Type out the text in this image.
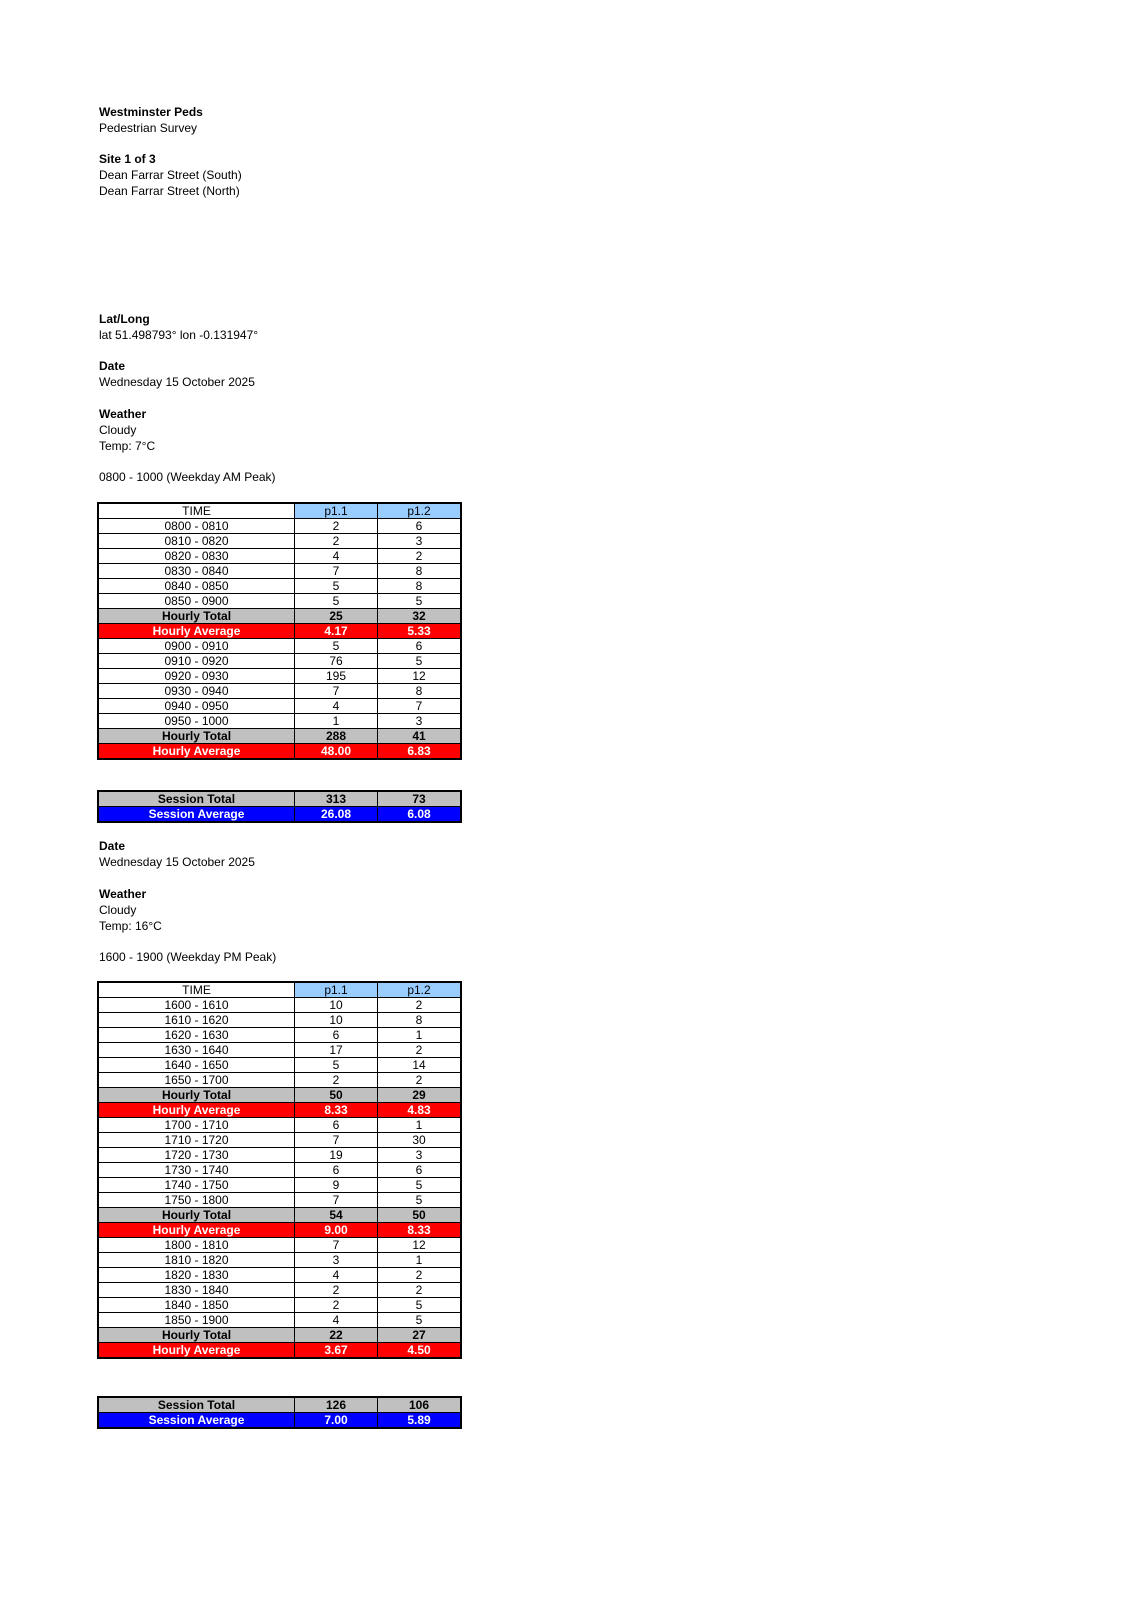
Westminster Peds
Pedestrian Survey
Site 1 of 3
Dean Farrar Street (South)
Dean Farrar Street (North)
Lat/Long
lat 51.498793° lon -0.131947°
Date
Wednesday 15 October 2025
Weather
Cloudy
Temp: 7°C
0800 - 1000 (Weekday AM Peak)
TIME	p1.1	p1.2
0800 - 0810	2	6
0810 - 0820	2	3
0820 - 0830	4	2
0830 - 0840	7	8
0840 - 0850	5	8
0850 - 0900	5	5
Hourly Total	25	32
Hourly Average	4.17	5.33
0900 - 0910	5	6
0910 - 0920	76	5
0920 - 0930	195	12
0930 - 0940	7	8
0940 - 0950	4	7
0950 - 1000	1	3
Hourly Total	288	41
Hourly Average	48.00	6.83
Session Total	313	73
Session Average	26.08	6.08
Date
Wednesday 15 October 2025
Weather
Cloudy
Temp: 16°C
1600 - 1900 (Weekday PM Peak)
TIME	p1.1	p1.2
1600 - 1610	10	2
1610 - 1620	10	8
1620 - 1630	6	1
1630 - 1640	17	2
1640 - 1650	5	14
1650 - 1700	2	2
Hourly Total	50	29
Hourly Average	8.33	4.83
1700 - 1710	6	1
1710 - 1720	7	30
1720 - 1730	19	3
1730 - 1740	6	6
1740 - 1750	9	5
1750 - 1800	7	5
Hourly Total	54	50
Hourly Average	9.00	8.33
1800 - 1810	7	12
1810 - 1820	3	1
1820 - 1830	4	2
1830 - 1840	2	2
1840 - 1850	2	5
1850 - 1900	4	5
Hourly Total	22	27
Hourly Average	3.67	4.50
Session Total	126	106
Session Average	7.00	5.89
